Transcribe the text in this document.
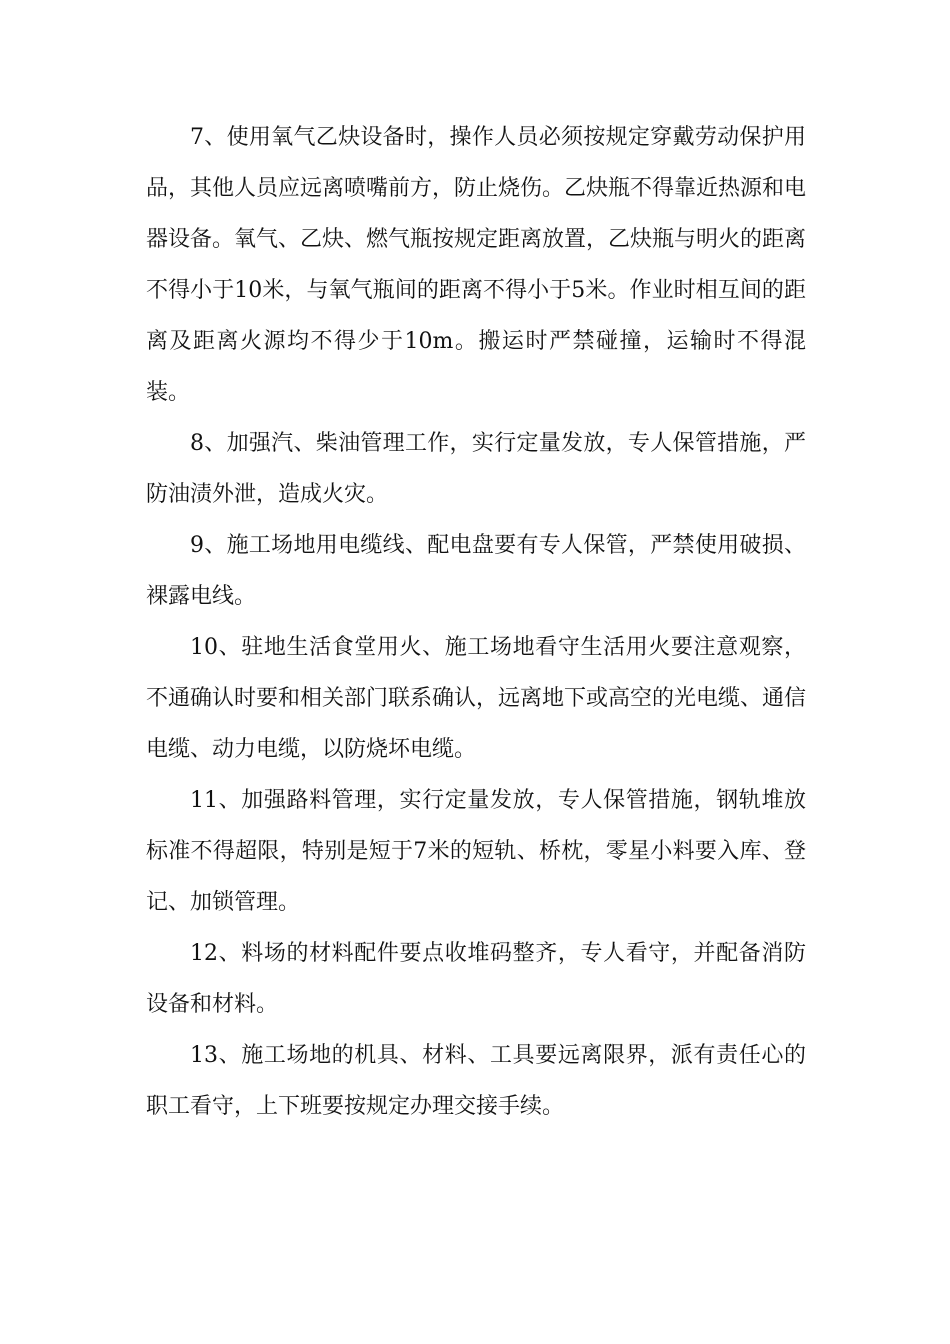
7、使用氧气乙炔设备时，操作人员必须按规定穿戴劳动保护用品，其他人员应远离喷嘴前方，防止烧伤。乙炔瓶不得靠近热源和电器设备。氧气、乙炔、燃气瓶按规定距离放置，乙炔瓶与明火的距离不得小于10米，与氧气瓶间的距离不得小于5米。作业时相互间的距离及距离火源均不得少于10m。搬运时严禁碰撞，运输时不得混装。

8、加强汽、柴油管理工作，实行定量发放，专人保管措施，严防油渍外泄，造成火灾。

9、施工场地用电缆线、配电盘要有专人保管，严禁使用破损、裸露电线。

10、驻地生活食堂用火、施工场地看守生活用火要注意观察，不通确认时要和相关部门联系确认，远离地下或高空的光电缆、通信电缆、动力电缆，以防烧坏电缆。

11、加强路料管理，实行定量发放，专人保管措施，钢轨堆放标准不得超限，特别是短于7米的短轨、桥枕，零星小料要入库、登记、加锁管理。

12、料场的材料配件要点收堆码整齐，专人看守，并配备消防设备和材料。

13、施工场地的机具、材料、工具要远离限界，派有责任心的职工看守，上下班要按规定办理交接手续。
